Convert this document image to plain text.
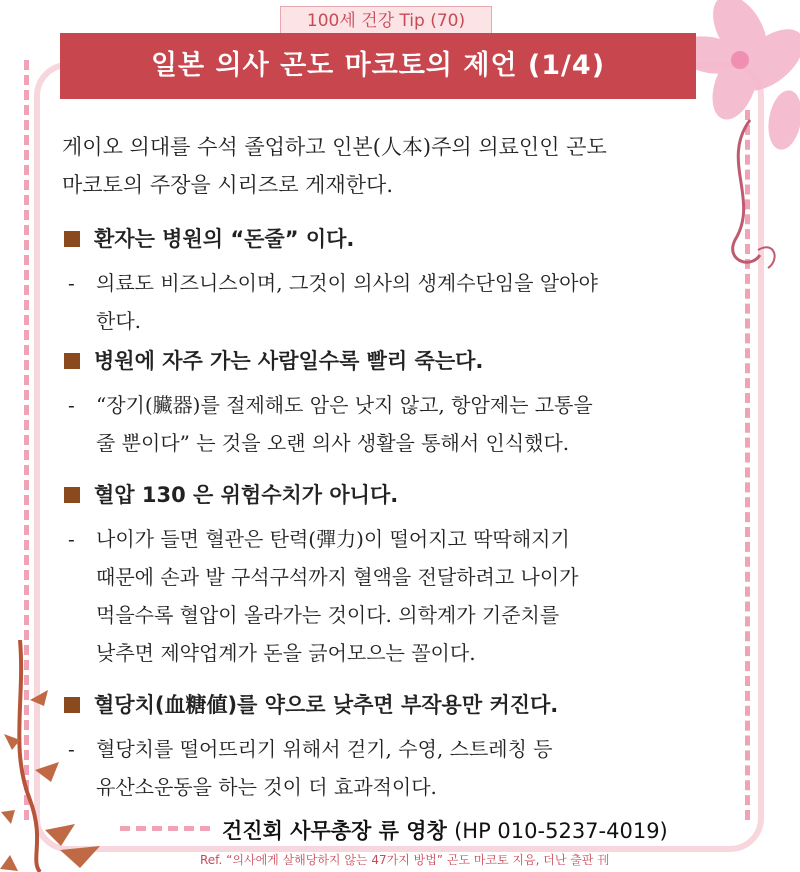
100세 건강 Tip (70)
일본 의사 곤도 마코토의 제언 (1/4)
게이오 의대를 수석 졸업하고 인본(人本)주의 의료인인 곤도
마코토의 주장을 시리즈로 게재한다.
환자는 병원의 “돈줄” 이다.
- 의료도 비즈니스이며, 그것이 의사의 생계수단임을 알아야
한다.
병원에 자주 가는 사람일수록 빨리 죽는다.
- “장기(臟器)를 절제해도 암은 낫지 않고, 항암제는 고통을
줄 뿐이다” 는 것을 오랜 의사 생활을 통해서 인식했다.
혈압 130 은 위험수치가 아니다.
- 나이가 들면 혈관은 탄력(彈力)이 떨어지고 딱딱해지기
때문에 손과 발 구석구석까지 혈액을 전달하려고 나이가
먹을수록 혈압이 올라가는 것이다. 의학계가 기준치를
낮추면 제약업계가 돈을 긁어모으는 꼴이다.
혈당치(血糖値)를 약으로 낮추면 부작용만 커진다.
- 혈당치를 떨어뜨리기 위해서 걷기, 수영, 스트레칭 등
유산소운동을 하는 것이 더 효과적이다.
건진회 사무총장 류 영창 (HP 010-5237-4019)
Ref. “의사에게 살해당하지 않는 47가지 방법” 곤도 마코토 지음, 더난 출판 刊
